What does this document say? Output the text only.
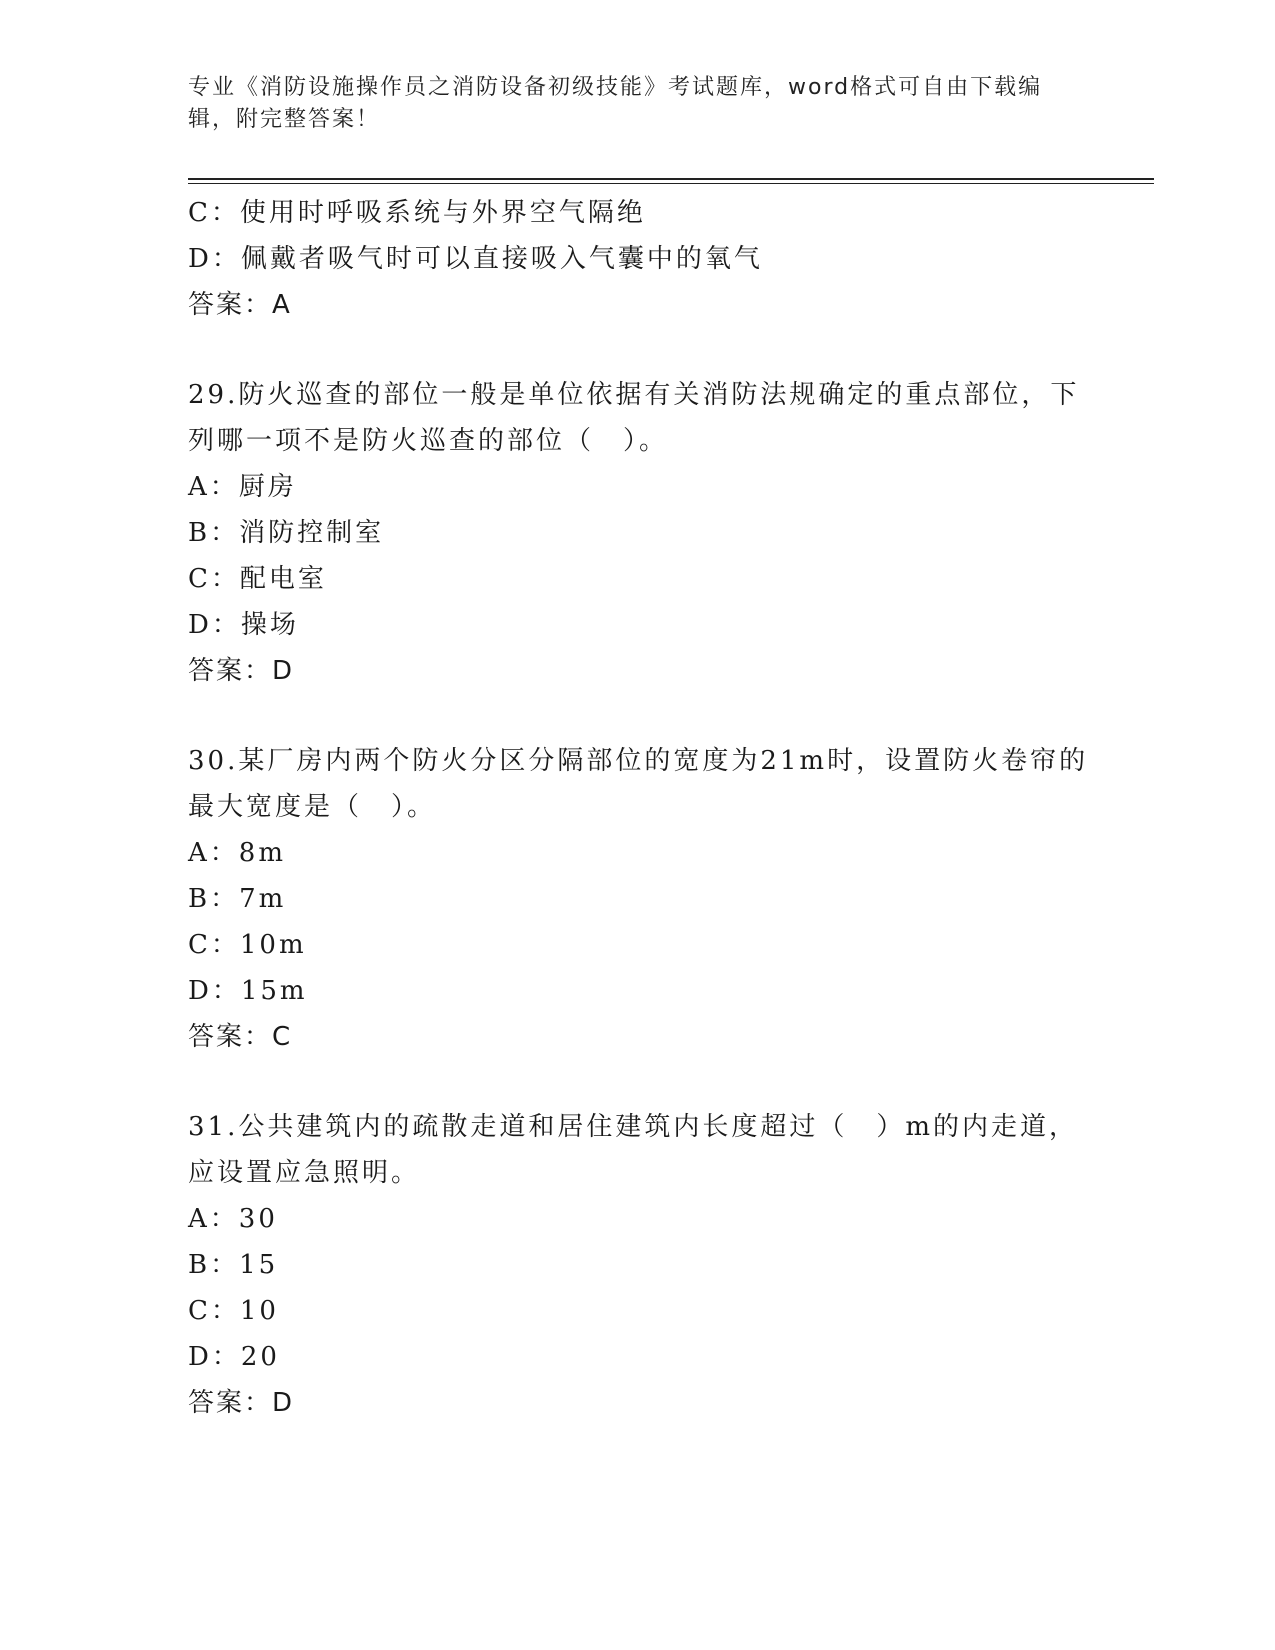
专业《消防设施操作员之消防设备初级技能》考试题库，word格式可自由下载编
辑，附完整答案！
C：使用时呼吸系统与外界空气隔绝
D：佩戴者吸气时可以直接吸入气囊中的氧气
答案：A
29.防火巡查的部位一般是单位依据有关消防法规确定的重点部位，下
列哪一项不是防火巡查的部位（　）。
A：厨房
B：消防控制室
C：配电室
D：操场
答案：D
30.某厂房内两个防火分区分隔部位的宽度为21m时，设置防火卷帘的
最大宽度是（　）。
A：8m
B：7m
C：10m
D：15m
答案：C
31.公共建筑内的疏散走道和居住建筑内长度超过（　）m的内走道，
应设置应急照明。
A：30
B：15
C：10
D：20
答案：D
